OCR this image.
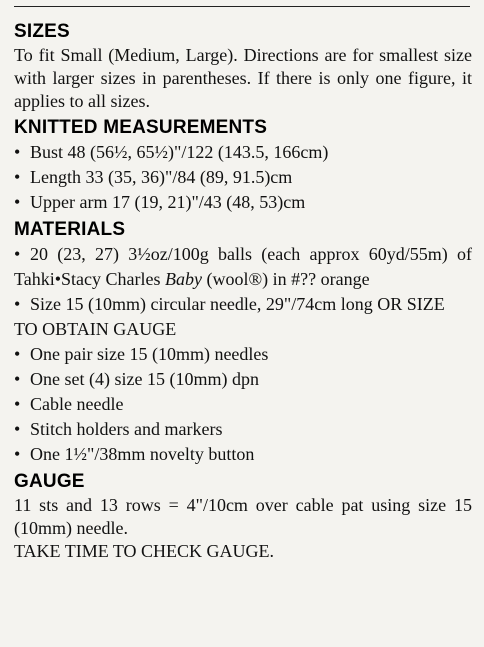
SIZES

To fit Small (Medium, Large). Directions are for smallest size with larger sizes in parentheses. If there is only one figure, it applies to all sizes.

KNITTED MEASUREMENTS
• Bust 48 (56½, 65½)"/122 (143.5, 166cm)
• Length 33 (35, 36)"/84 (89, 91.5)cm
• Upper arm 17 (19, 21)"/43 (48, 53)cm
MATERIALS
• 20 (23, 27) 3½oz/100g balls (each approx 60yd/55m) of Tahki•Stacy Charles Baby (wool®) in #?? orange
• Size 15 (10mm) circular needle, 29"/74cm long OR SIZE TO OBTAIN GAUGE
• One pair size 15 (10mm) needles
• One set (4) size 15 (10mm) dpn
• Cable needle
• Stitch holders and markers
• One 1½"/38mm novelty button
GAUGE

11 sts and 13 rows = 4"/10cm over cable pat using size 15 (10mm) needle.

TAKE TIME TO CHECK GAUGE.
